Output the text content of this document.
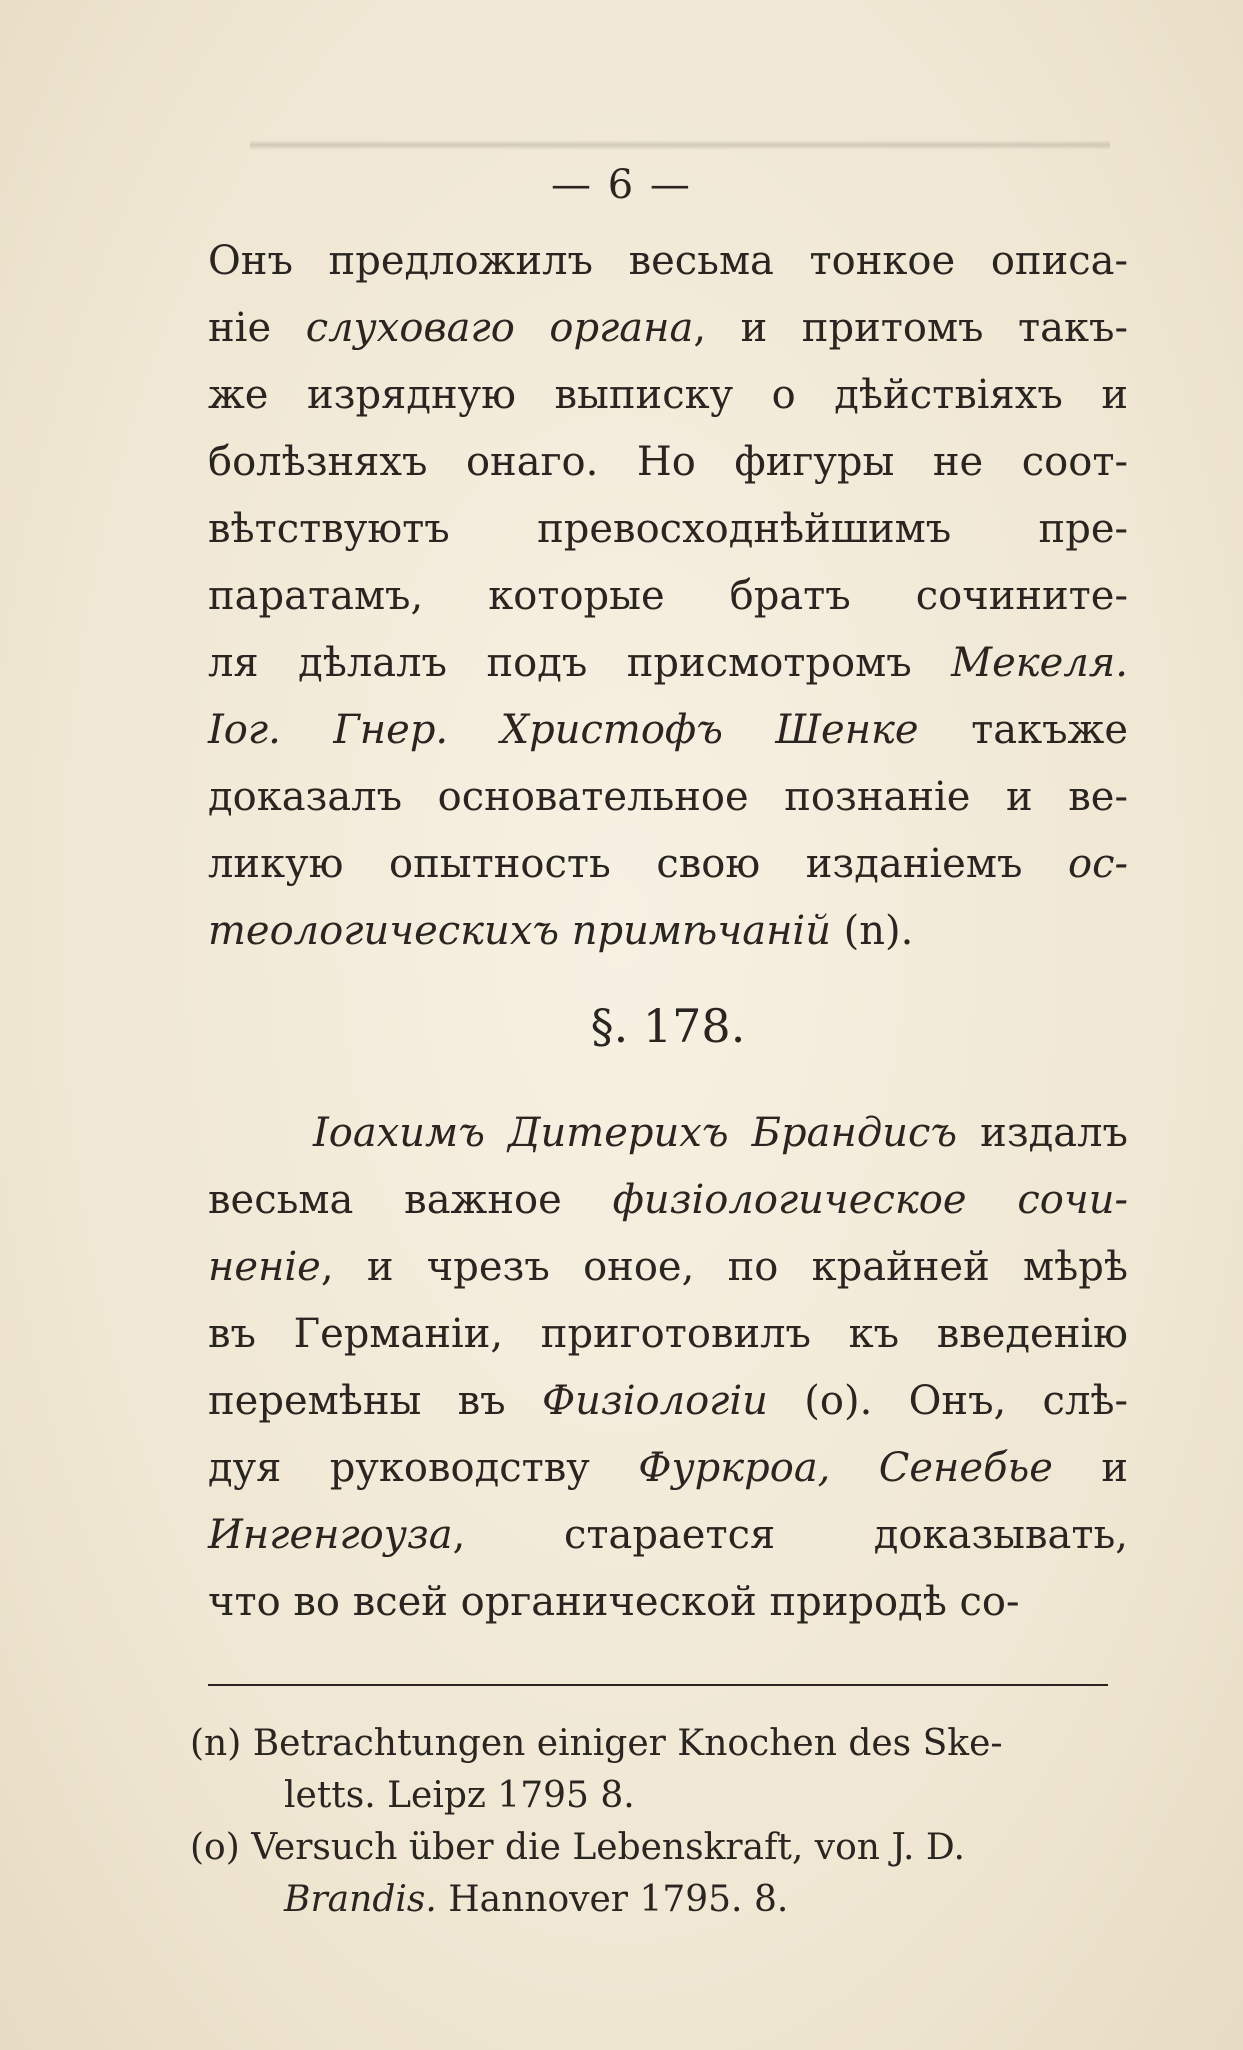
— 6 —
Онъ предложилъ весьма тонкое описа-
ніе слуховаго органа, и притомъ такъ-
же изрядную выписку о дѣйствіяхъ и
болѣзняхъ онаго. Но фигуры не соот-
вѣтствуютъ превосходнѣйшимъ пре-
паратамъ, которые братъ сочините-
ля дѣлалъ подъ присмотромъ Мекеля.
Іог. Гнер. Христофъ Шенке такъже
доказалъ основательное познаніе и ве-
ликую опытность свою изданіемъ ос-
теологическихъ примѣчаній (n).
§. 178.
Іоахимъ Дитерихъ Брандисъ издалъ
весьма важное физіологическое сочи-
неніе, и чрезъ оное, по крайней мѣрѣ
въ Германіи, приготовилъ къ введенію
перемѣны въ Физіологіи (о). Онъ, слѣ-
дуя руководству Фуркроа, Сенебье и
Ингенгоуза, старается доказывать,
что во всей органической природѣ со-
(n) Betrachtungen einiger Knochen des Ske-
letts. Leipz 1795 8.
(o) Versuch über die Lebenskraft, von J. D.
Brandis. Hannover 1795. 8.
